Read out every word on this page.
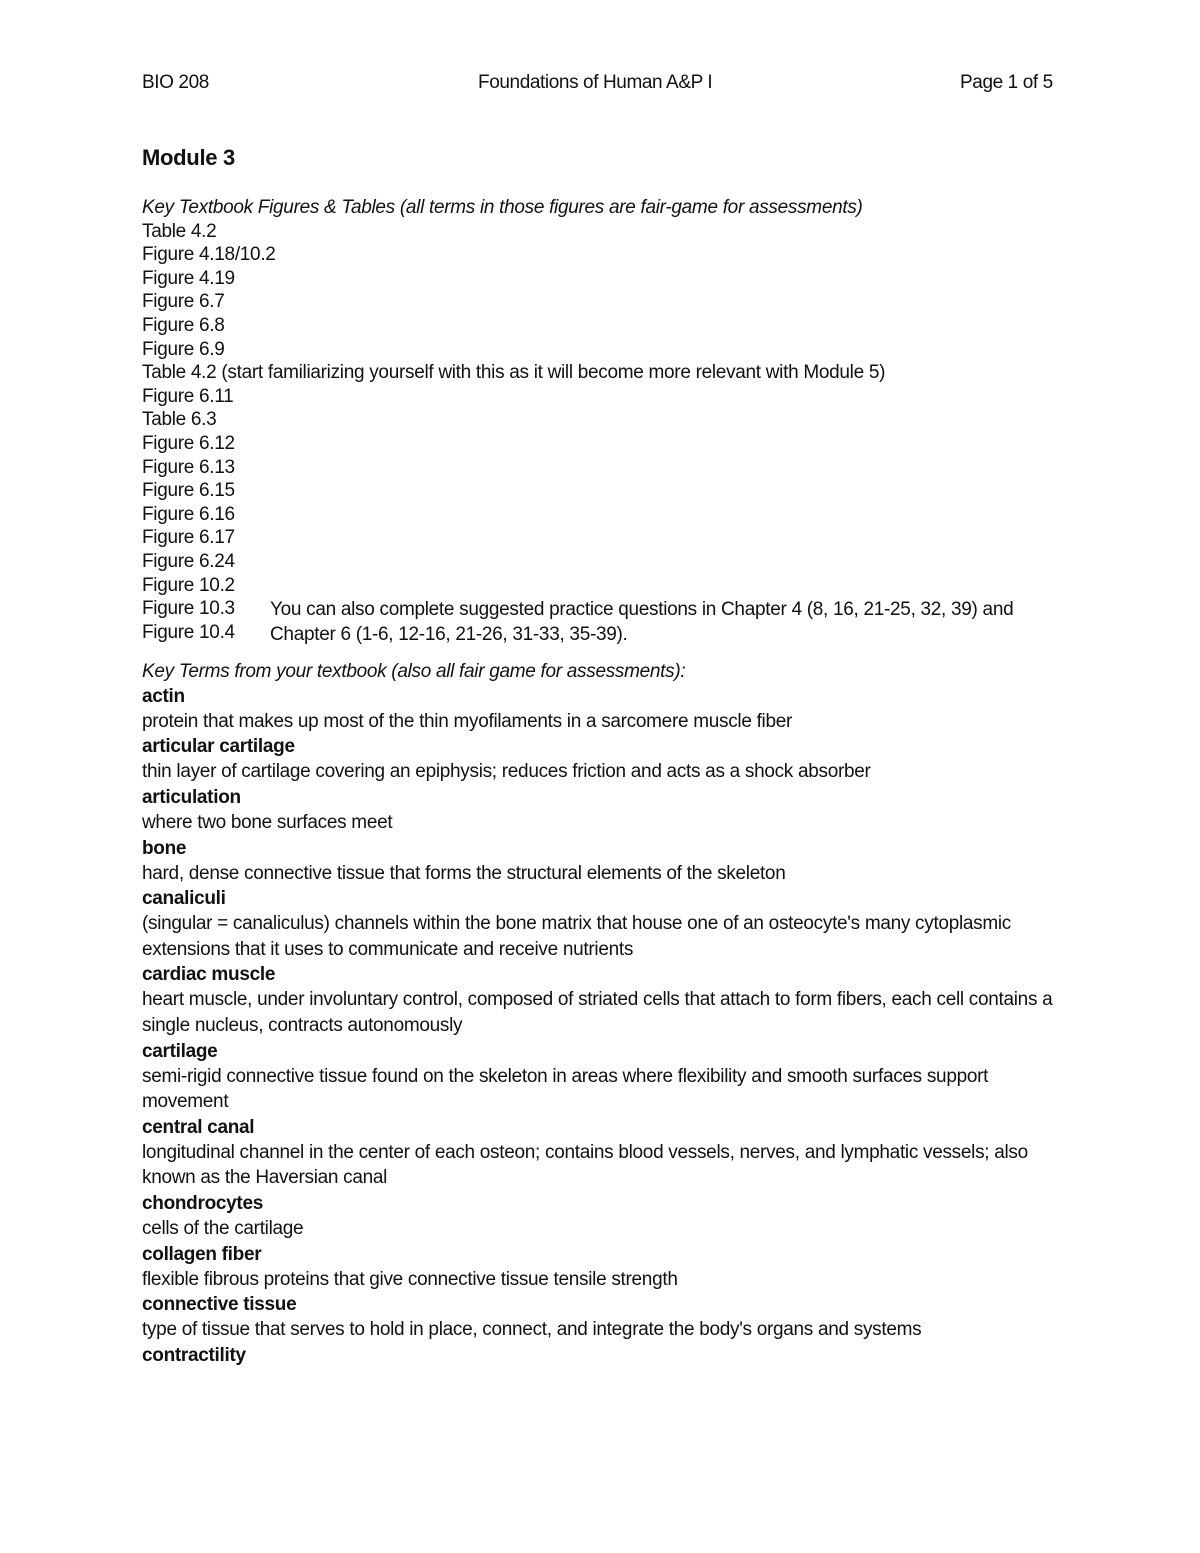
BIO 208	Foundations of Human A&P I	Page 1 of 5
Module 3
Key Textbook Figures & Tables (all terms in those figures are fair-game for assessments)
Table 4.2
Figure 4.18/10.2
Figure 4.19
Figure 6.7
Figure 6.8
Figure 6.9
Table 4.2 (start familiarizing yourself with this as it will become more relevant with Module 5)
Figure 6.11
Table 6.3
Figure 6.12
Figure 6.13
Figure 6.15
Figure 6.16
Figure 6.17
Figure 6.24
Figure 10.2
Figure 10.3
Figure 10.4
You can also complete suggested practice questions in Chapter 4 (8, 16, 21-25, 32, 39) and Chapter 6 (1-6, 12-16, 21-26, 31-33, 35-39).
Key Terms from your textbook (also all fair game for assessments):
actin
protein that makes up most of the thin myofilaments in a sarcomere muscle fiber
articular cartilage
thin layer of cartilage covering an epiphysis; reduces friction and acts as a shock absorber
articulation
where two bone surfaces meet
bone
hard, dense connective tissue that forms the structural elements of the skeleton
canaliculi
(singular = canaliculus) channels within the bone matrix that house one of an osteocyte's many cytoplasmic extensions that it uses to communicate and receive nutrients
cardiac muscle
heart muscle, under involuntary control, composed of striated cells that attach to form fibers, each cell contains a single nucleus, contracts autonomously
cartilage
semi-rigid connective tissue found on the skeleton in areas where flexibility and smooth surfaces support movement
central canal
longitudinal channel in the center of each osteon; contains blood vessels, nerves, and lymphatic vessels; also known as the Haversian canal
chondrocytes
cells of the cartilage
collagen fiber
flexible fibrous proteins that give connective tissue tensile strength
connective tissue
type of tissue that serves to hold in place, connect, and integrate the body's organs and systems
contractility
